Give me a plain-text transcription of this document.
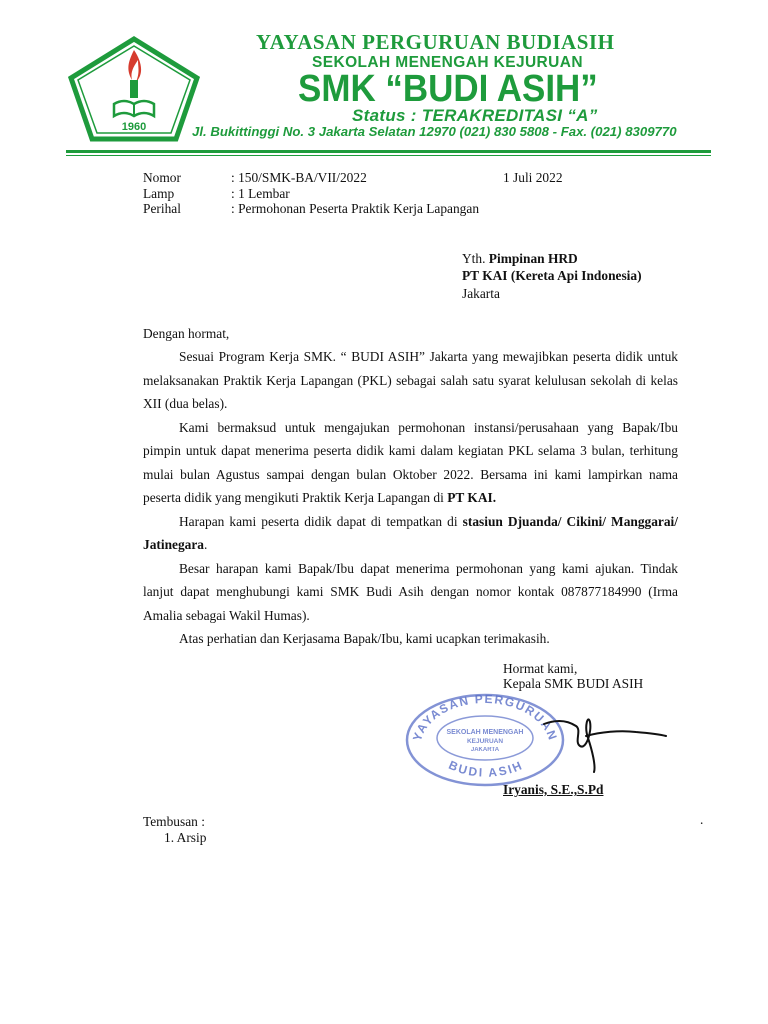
1960
YAYASAN PERGURUAN BUDIASIH
SEKOLAH MENENGAH KEJURUAN
SMK “BUDI ASIH”
Status : TERAKREDITASI “A”
Jl. Bukittinggi No. 3 Jakarta Selatan 12970 (021) 830 5808 - Fax. (021) 8309770
Nomor	: 150/SMK-BA/VII/2022	1 Juli 2022
Lamp	: 1 Lembar
Perihal	: Permohonan Peserta Praktik Kerja Lapangan
Yth. Pimpinan HRD
PT KAI (Kereta Api Indonesia)
Jakarta
Dengan hormat,

Sesuai Program Kerja SMK. “ BUDI ASIH” Jakarta yang mewajibkan peserta didik untuk melaksanakan Praktik Kerja Lapangan (PKL) sebagai salah satu syarat kelulusan sekolah di kelas XII (dua belas).

Kami bermaksud untuk mengajukan permohonan instansi/perusahaan yang Bapak/Ibu pimpin untuk dapat menerima peserta didik kami dalam kegiatan PKL selama 3 bulan, terhitung mulai bulan Agustus sampai dengan bulan Oktober 2022. Bersama ini kami lampirkan nama peserta didik yang mengikuti Praktik Kerja Lapangan di PT KAI.

Harapan kami peserta didik dapat di tempatkan di stasiun Djuanda/ Cikini/ Manggarai/ Jatinegara.

Besar harapan kami Bapak/Ibu dapat menerima permohonan yang kami ajukan. Tindak lanjut dapat menghubungi kami SMK Budi Asih dengan nomor kontak 087877184990 (Irma Amalia sebagai Wakil Humas).

Atas perhatian dan Kerjasama Bapak/Ibu, kami ucapkan terimakasih.

Hormat kami,
Kepala SMK BUDI ASIH
YAYASAN PERGURUAN
BUDI ASIH
SEKOLAH MENENGAH
KEJURUAN
JAKARTA
Iryanis, S.E.,S.Pd
Tembusan :
1. Arsip
.
